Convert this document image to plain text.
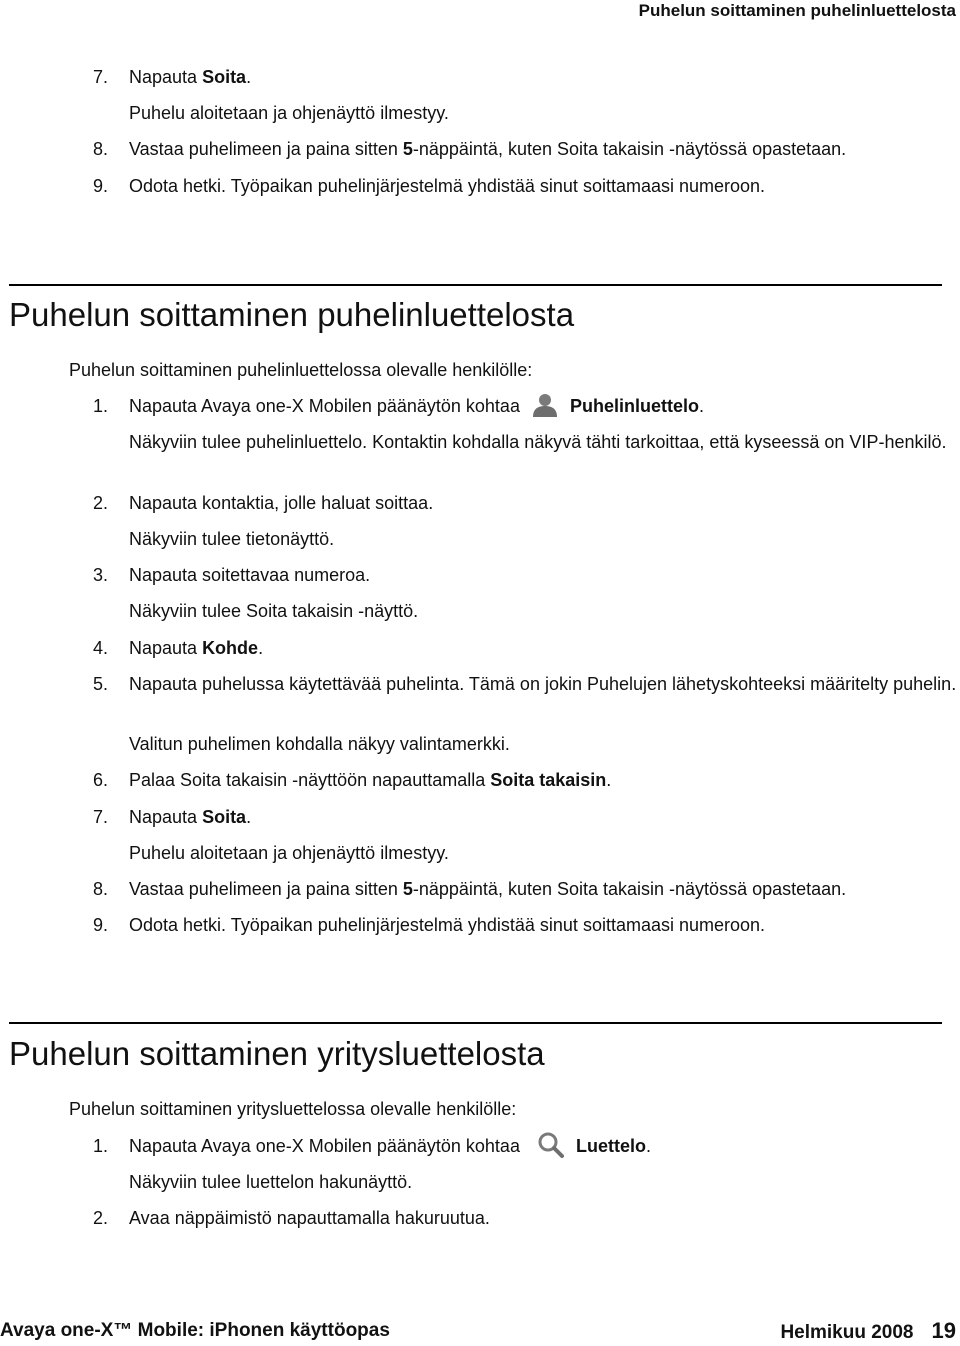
Puhelun soittaminen puhelinluettelosta
7.	Napauta Soita.
Puhelu aloitetaan ja ohjenäyttö ilmestyy.
8.	Vastaa puhelimeen ja paina sitten 5-näppäintä, kuten Soita takaisin -näytössä opastetaan.
9.	Odota hetki. Työpaikan puhelinjärjestelmä yhdistää sinut soittamaasi numeroon.
Puhelun soittaminen puhelinluettelosta
Puhelun soittaminen puhelinluettelossa olevalle henkilölle:
1.	Napauta Avaya one-X Mobilen päänäytön kohtaa	Puhelinluettelo.
Näkyviin tulee puhelinluettelo. Kontaktin kohdalla näkyvä tähti tarkoittaa, että kyseessä on VIP-henkilö.
2.	Napauta kontaktia, jolle haluat soittaa.
Näkyviin tulee tietonäyttö.
3.	Napauta soitettavaa numeroa.
Näkyviin tulee Soita takaisin -näyttö.
4.	Napauta Kohde.
5.	Napauta puhelussa käytettävää puhelinta. Tämä on jokin Puhelujen lähetyskohteeksi määritelty puhelin.
Valitun puhelimen kohdalla näkyy valintamerkki.
6.	Palaa Soita takaisin -näyttöön napauttamalla Soita takaisin.
7.	Napauta Soita.
Puhelu aloitetaan ja ohjenäyttö ilmestyy.
8.	Vastaa puhelimeen ja paina sitten 5-näppäintä, kuten Soita takaisin -näytössä opastetaan.
9.	Odota hetki. Työpaikan puhelinjärjestelmä yhdistää sinut soittamaasi numeroon.
Puhelun soittaminen yritysluettelosta
Puhelun soittaminen yritysluettelossa olevalle henkilölle:
1.	Napauta Avaya one-X Mobilen päänäytön kohtaa	Luettelo.
Näkyviin tulee luettelon hakunäyttö.
2.	Avaa näppäimistö napauttamalla hakuruutua.
Avaya one-X™ Mobile: iPhonen käyttöopas	Helmikuu 2008 19
